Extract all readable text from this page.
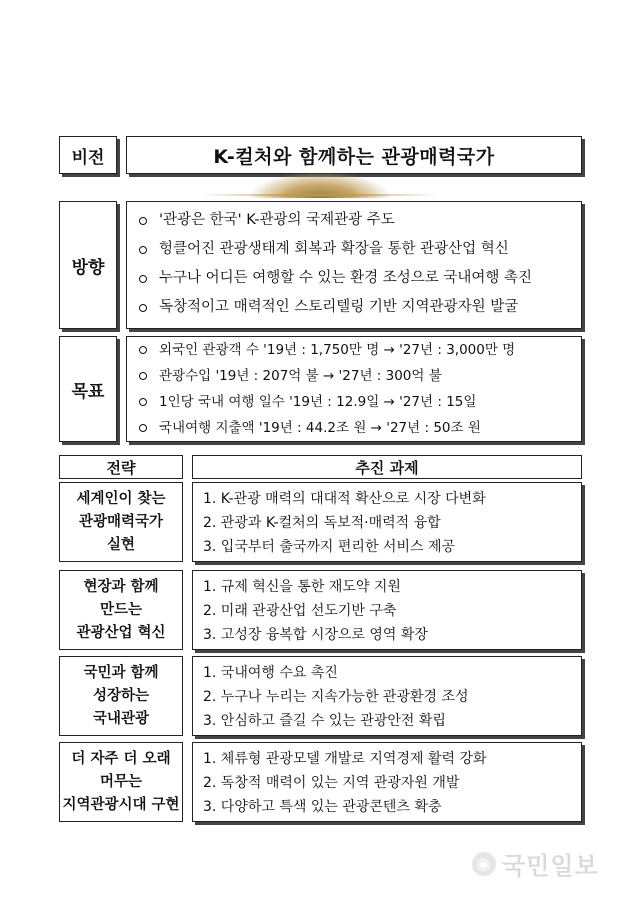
비전	K-컬처와 함께하는 관광매력국가
방향
'관광은 한국' K-관광의 국제관광 주도
헝클어진 관광생태계 회복과 확장을 통한 관광산업 혁신
누구나 어디든 여행할 수 있는 환경 조성으로 국내여행 촉진
독창적이고 매력적인 스토리텔링 기반 지역관광자원 발굴
목표
외국인 관광객 수 '19년 : 1,750만 명 → '27년 : 3,000만 명
관광수입 '19년 : 207억 불 → '27년 : 300억 불
1인당 국내 여행 일수 '19년 : 12.9일 → '27년 : 15일
국내여행 지출액 '19년 : 44.2조 원 → '27년 : 50조 원
전략	추진 과제
세계인이 찾는
관광매력국가
실현
1. K-관광 매력의 대대적 확산으로 시장 다변화
2. 관광과 K-컬처의 독보적·매력적 융합
3. 입국부터 출국까지 편리한 서비스 제공
현장과 함께
만드는
관광산업 혁신
1. 규제 혁신을 통한 재도약 지원
2. 미래 관광산업 선도기반 구축
3. 고성장 융복합 시장으로 영역 확장
국민과 함께
성장하는
국내관광
1. 국내여행 수요 촉진
2. 누구나 누리는 지속가능한 관광환경 조성
3. 안심하고 즐길 수 있는 관광안전 확립
더 자주 더 오래
머무는
지역관광시대 구현
1. 체류형 관광모델 개발로 지역경제 활력 강화
2. 독창적 매력이 있는 지역 관광자원 개발
3. 다양하고 특색 있는 관광콘텐츠 확충
◉ 국민일보
